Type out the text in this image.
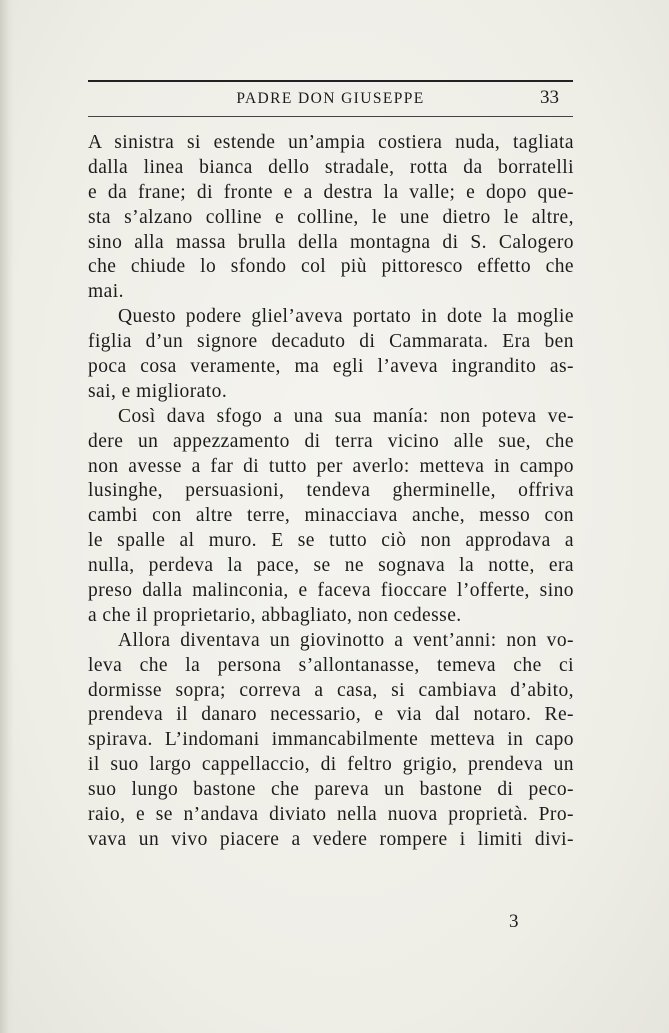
PADRE DON GIUSEPPE	33
A sinistra si estende un’ampia costiera nuda, tagliata
dalla linea bianca dello stradale, rotta da borratelli
e da frane; di fronte e a destra la valle; e dopo que-
sta s’alzano colline e colline, le une dietro le altre,
sino alla massa brulla della montagna di S. Calogero
che chiude lo sfondo col più pittoresco effetto che
mai.
Questo podere gliel’aveva portato in dote la moglie
figlia d’un signore decaduto di Cammarata. Era ben
poca cosa veramente, ma egli l’aveva ingrandito as-
sai, e migliorato.
Così dava sfogo a una sua manía: non poteva ve-
dere un appezzamento di terra vicino alle sue, che
non avesse a far di tutto per averlo: metteva in campo
lusinghe, persuasioni, tendeva gherminelle, offriva
cambi con altre terre, minacciava anche, messo con
le spalle al muro. E se tutto ciò non approdava a
nulla, perdeva la pace, se ne sognava la notte, era
preso dalla malinconia, e faceva fioccare l’offerte, sino
a che il proprietario, abbagliato, non cedesse.
Allora diventava un giovinotto a vent’anni: non vo-
leva che la persona s’allontanasse, temeva che ci
dormisse sopra; correva a casa, si cambiava d’abito,
prendeva il danaro necessario, e via dal notaro. Re-
spirava. L’indomani immancabilmente metteva in capo
il suo largo cappellaccio, di feltro grigio, prendeva un
suo lungo bastone che pareva un bastone di peco-
raio, e se n’andava diviato nella nuova proprietà. Pro-
vava un vivo piacere a vedere rompere i limiti divi-
3
